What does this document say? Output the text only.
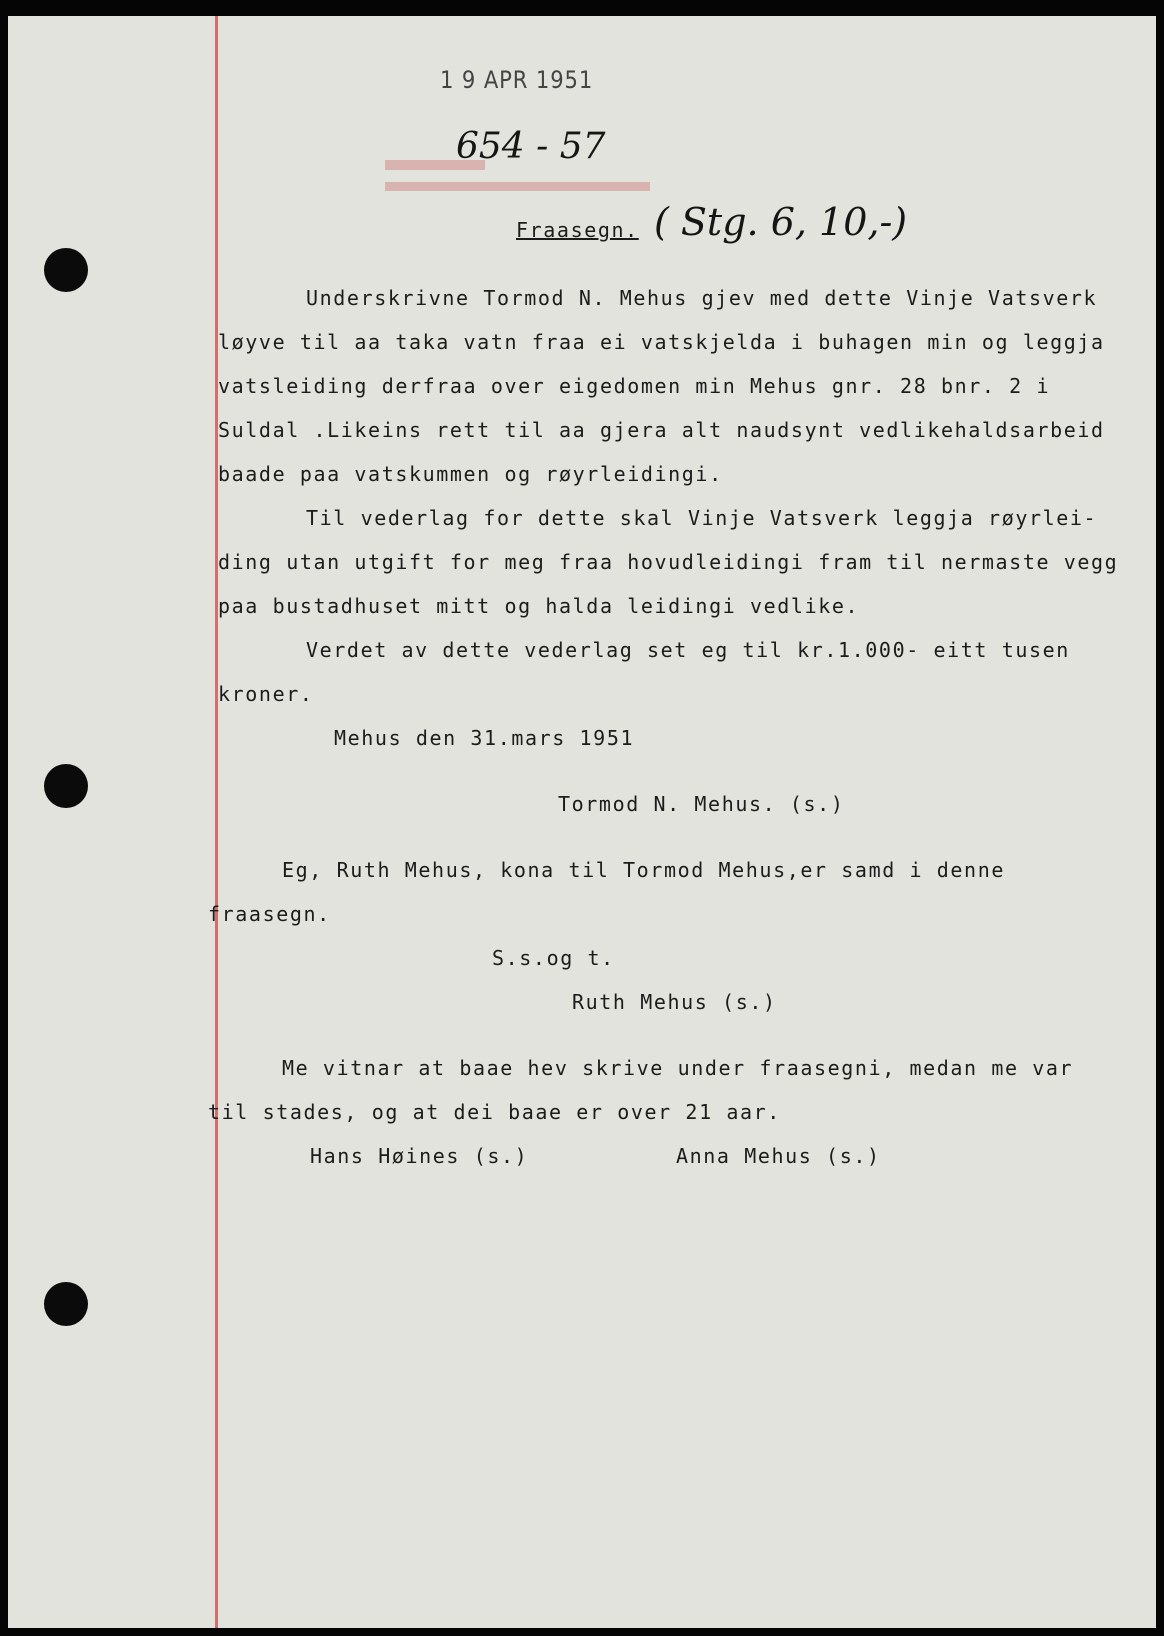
1 9 APR 1951
654 - 57
Fraasegn. ( Stg. 6, 10,-)
Underskrivne Tormod N. Mehus gjev med dette Vinje Vatsverk
løyve til aa taka vatn fraa ei vatskjelda i buhagen min og leggja
vatsleiding derfraa over eigedomen min Mehus gnr. 28 bnr. 2 i
Suldal .Likeins rett til aa gjera alt naudsynt vedlikehaldsarbeid
baade paa vatskummen og røyrleidingi.
Til vederlag for dette skal Vinje Vatsverk leggja røyrlei-
ding utan utgift for meg fraa hovudleidingi fram til nermaste vegg
paa bustadhuset mitt og halda leidingi vedlike.
Verdet av dette vederlag set eg til kr.1.000- eitt tusen
kroner.
Mehus den 31.mars 1951
Tormod N. Mehus. (s.)
Eg, Ruth Mehus, kona til Tormod Mehus,er samd i denne
fraasegn.
S.s.og t.
Ruth Mehus (s.)
Me vitnar at baae hev skrive under fraasegni, medan me var
til stades, og at dei baae er over 21 aar.
Hans Høines (s.)	Anna Mehus (s.)
